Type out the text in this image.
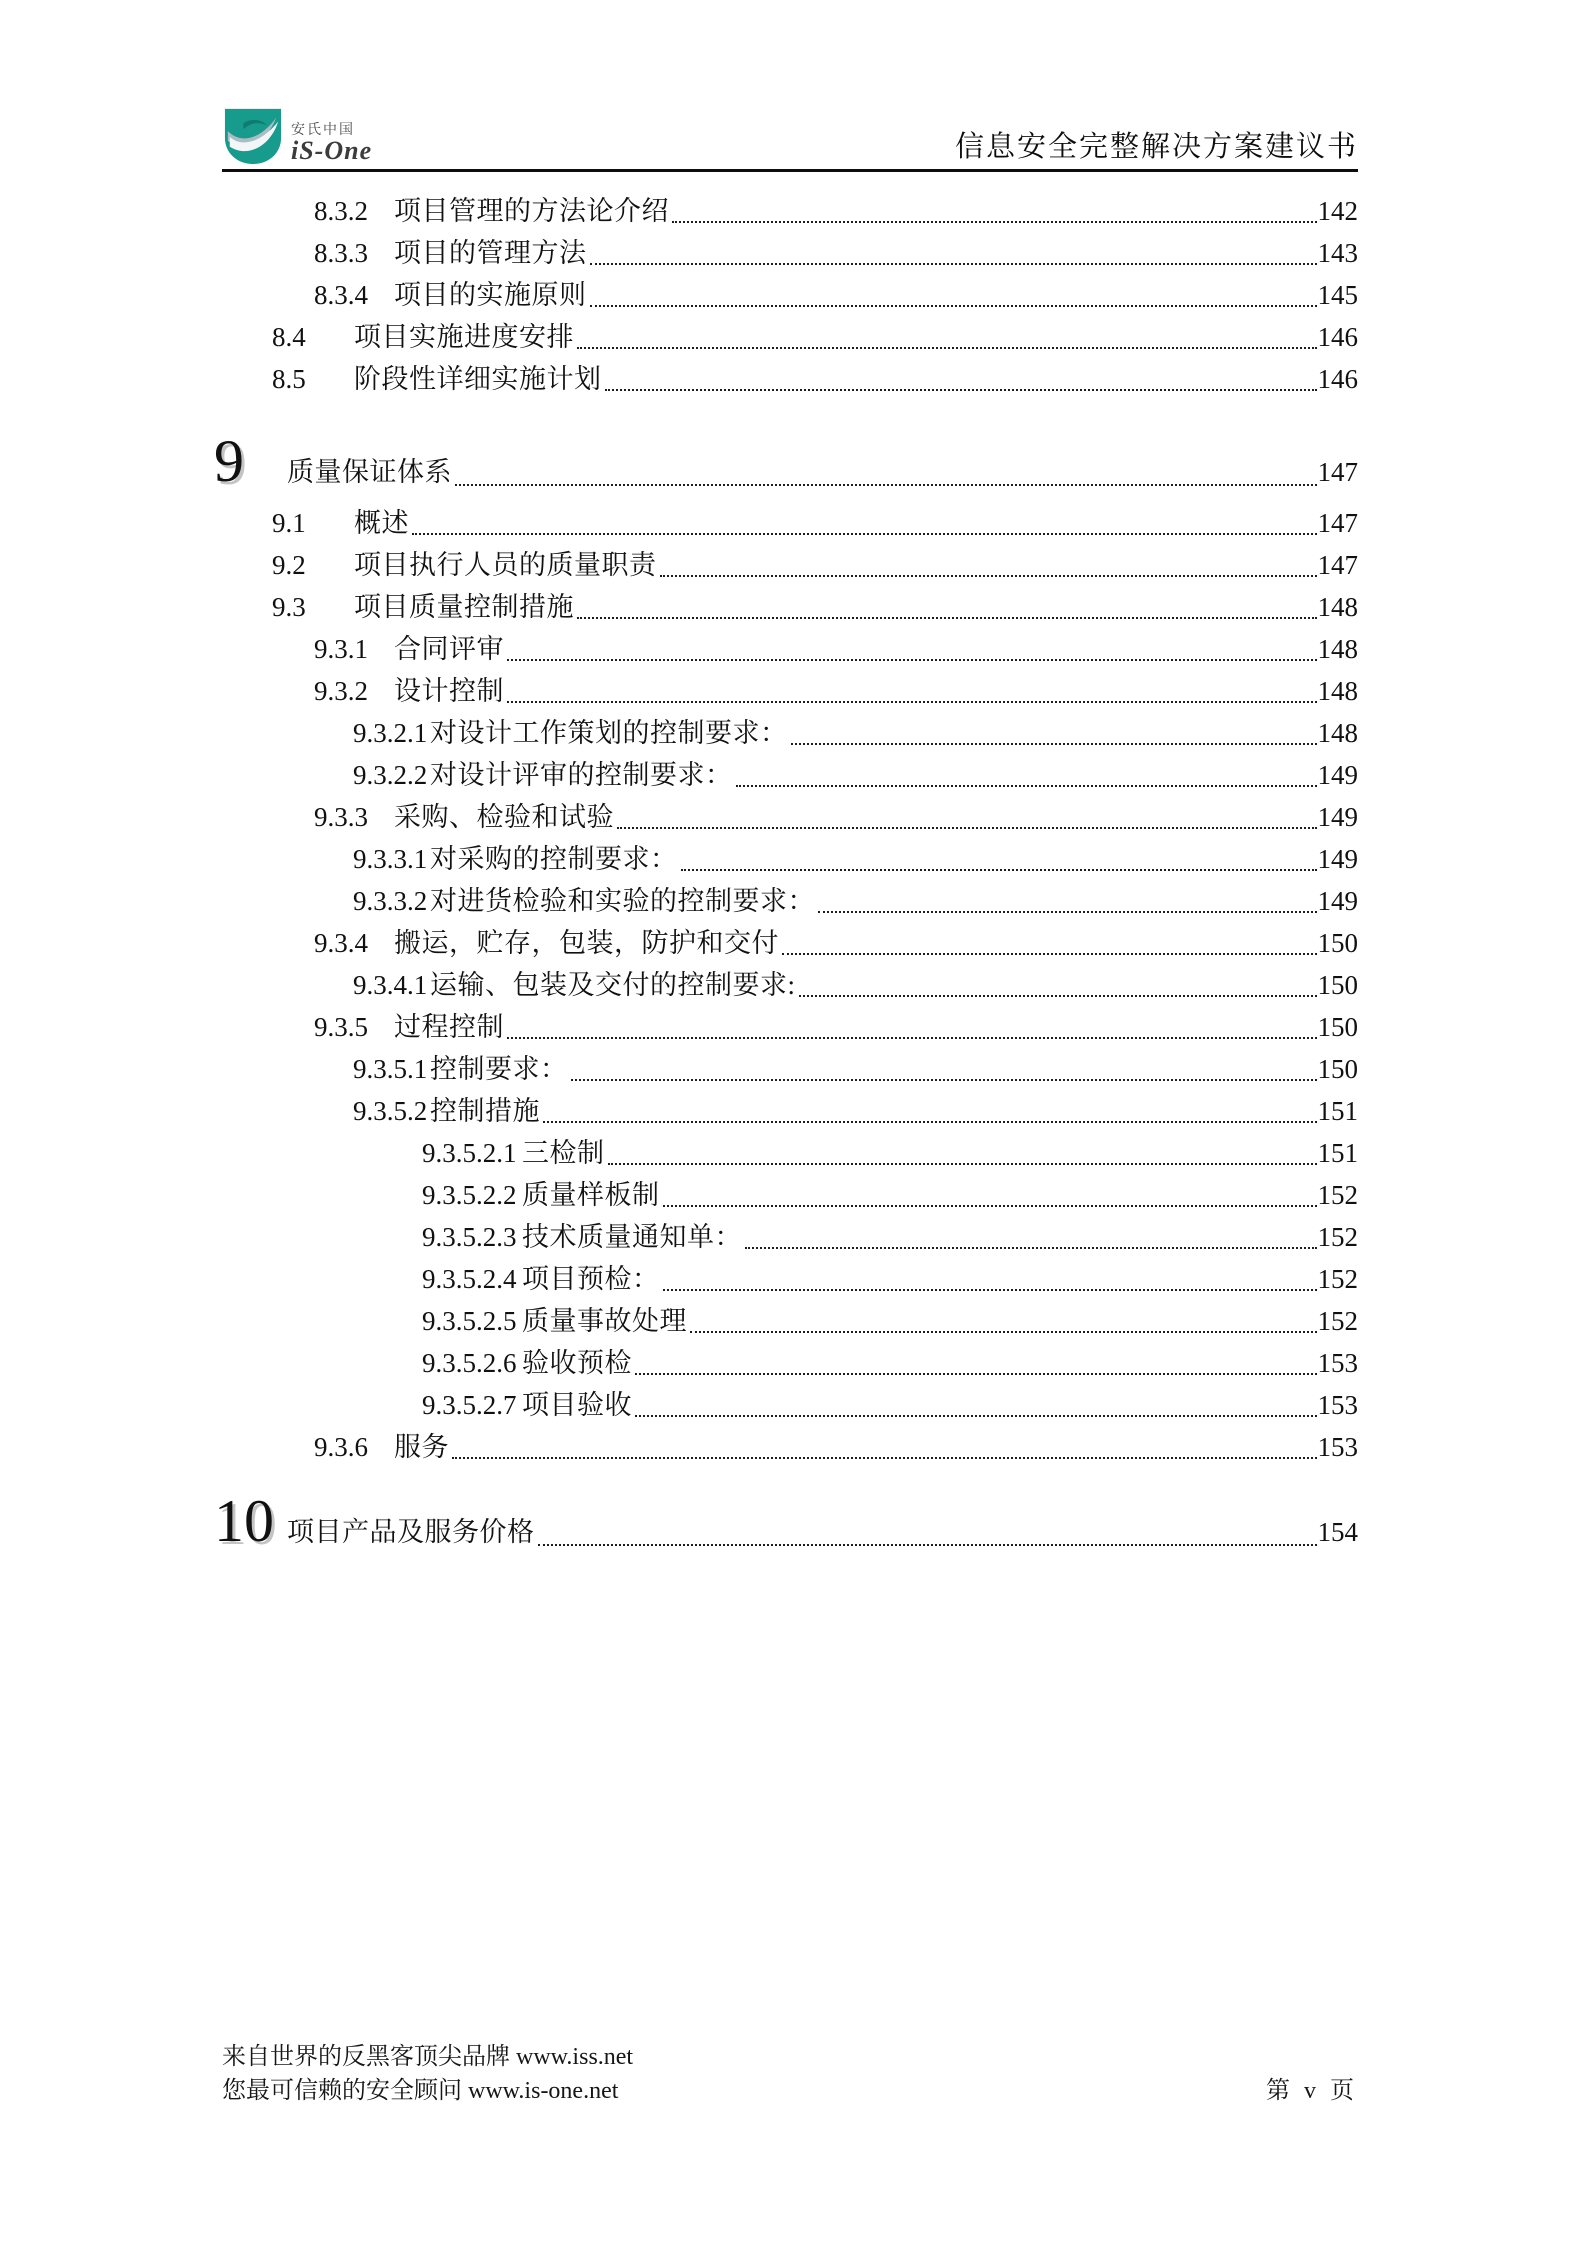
安氏中国
iS-One	信息安全完整解决方案建议书
8.3.2 项目管理的方法论介绍	142
8.3.3 项目的管理方法	143
8.3.4 项目的实施原则	145
8.4	项目实施进度安排	146
8.5	阶段性详细实施计划	146
9	质量保证体系	147
9.1	概述	147
9.2	项目执行人员的质量职责	147
9.3	项目质量控制措施	148
9.3.1 合同评审	148
9.3.2 设计控制	148
9.3.2.1 对设计工作策划的控制要求：	148
9.3.2.2 对设计评审的控制要求：	149
9.3.3 采购、检验和试验	149
9.3.3.1 对采购的控制要求：	149
9.3.3.2 对进货检验和实验的控制要求：	149
9.3.4 搬运，贮存，包装，防护和交付	150
9.3.4.1 运输、包装及交付的控制要求:	150
9.3.5 过程控制	150
9.3.5.1 控制要求：	150
9.3.5.2 控制措施	151
9.3.5.2.1 三检制	151
9.3.5.2.2 质量样板制	152
9.3.5.2.3 技术质量通知单：	152
9.3.5.2.4 项目预检：	152
9.3.5.2.5 质量事故处理	152
9.3.5.2.6 验收预检	153
9.3.5.2.7 项目验收	153
9.3.6 服务	153
10 项目产品及服务价格	154
来自世界的反黑客顶尖品牌 www.iss.net
您最可信赖的安全顾问 www.is-one.net	第 v 页
